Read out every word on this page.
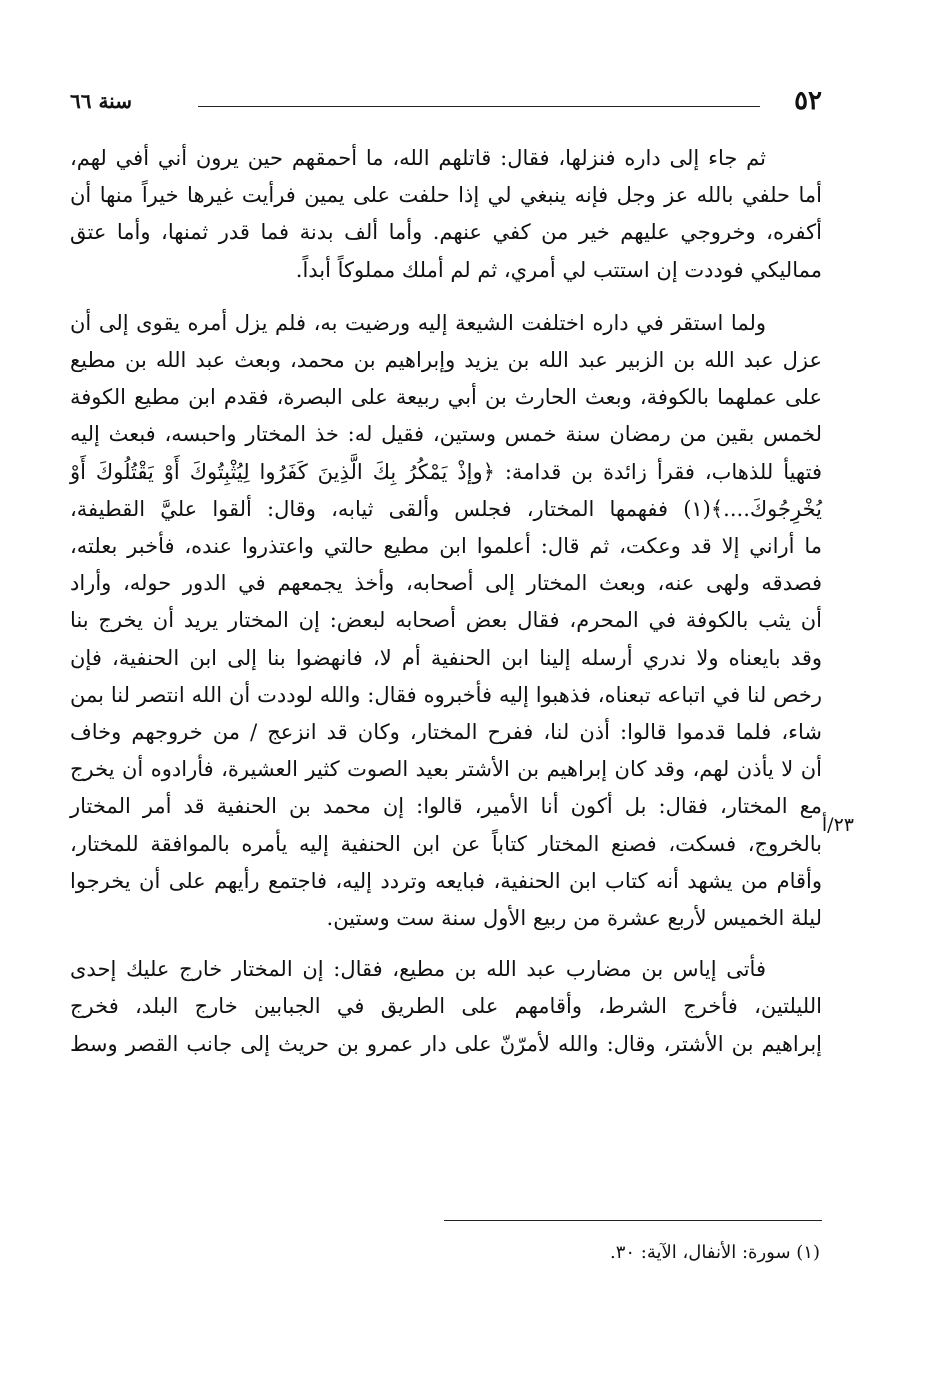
٥٢
سنة ٦٦
ثم جاء إلى داره فنزلها، فقال: قاتلهم الله، ما أحمقهم حين يرون أني أفي لهم،
أما حلفي بالله عز وجل فإنه ينبغي لي إذا حلفت على يمين فرأيت غيرها خيراً منها أن
أكفره، وخروجي عليهم خير من كفي عنهم. وأما ألف بدنة فما قدر ثمنها، وأما عتق
مماليكي فوددت إن استتب لي أمري، ثم لم أملك مملوكاً أبداً.
ولما استقر في داره اختلفت الشيعة إليه ورضيت به، فلم يزل أمره يقوى إلى أن
عزل عبد الله بن الزبير عبد الله بن يزيد وإبراهيم بن محمد، وبعث عبد الله بن مطيع
على عملهما بالكوفة، وبعث الحارث بن أبي ربيعة على البصرة، فقدم ابن مطيع الكوفة
لخمس بقين من رمضان سنة خمس وستين، فقيل له: خذ المختار واحبسه، فبعث إليه
فتهيأ للذهاب، فقرأ زائدة بن قدامة: ﴿وإذْ يَمْكُرُ بِكَ الَّذِينَ كَفَرُوا لِيُثْبِتُوكَ أَوْ يَقْتُلُوكَ أَوْ
يُخْرِجُوكَ....﴾(١) ففهمها المختار، فجلس وألقى ثيابه، وقال: ألقوا عليَّ القطيفة،
ما أراني إلا قد وعكت، ثم قال: أعلموا ابن مطيع حالتي واعتذروا عنده، فأخبر بعلته،
فصدقه ولهى عنه، وبعث المختار إلى أصحابه، وأخذ يجمعهم في الدور حوله، وأراد
أن يثب بالكوفة في المحرم، فقال بعض أصحابه لبعض: إن المختار يريد أن يخرج بنا
وقد بايعناه ولا ندري أرسله إلينا ابن الحنفية أم لا، فانهضوا بنا إلى ابن الحنفية، فإن
رخص لنا في اتباعه تبعناه، فذهبوا إليه فأخبروه فقال: والله لوددت أن الله انتصر لنا بمن
شاء، فلما قدموا قالوا: أذن لنا، ففرح المختار، وكان قد انزعج / من خروجهم وخاف
أن لا يأذن لهم، وقد كان إبراهيم بن الأشتر بعيد الصوت كثير العشيرة، فأرادوه أن يخرج
مع المختار، فقال: بل أكون أنا الأمير، قالوا: إن محمد بن الحنفية قد أمر المختار
بالخروج، فسكت، فصنع المختار كتاباً عن ابن الحنفية إليه يأمره بالموافقة للمختار،
وأقام من يشهد أنه كتاب ابن الحنفية، فبايعه وتردد إليه، فاجتمع رأيهم على أن يخرجوا
ليلة الخميس لأربع عشرة من ربيع الأول سنة ست وستين.
فأتى إياس بن مضارب عبد الله بن مطيع، فقال: إن المختار خارج عليك إحدى
الليلتين، فأخرج الشرط، وأقامهم على الطريق في الجبابين خارج البلد، فخرج
إبراهيم بن الأشتر، وقال: والله لأمرّنّ على دار عمرو بن حريث إلى جانب القصر وسط
٢٣/أ
(١) سورة: الأنفال، الآية: ٣٠.
